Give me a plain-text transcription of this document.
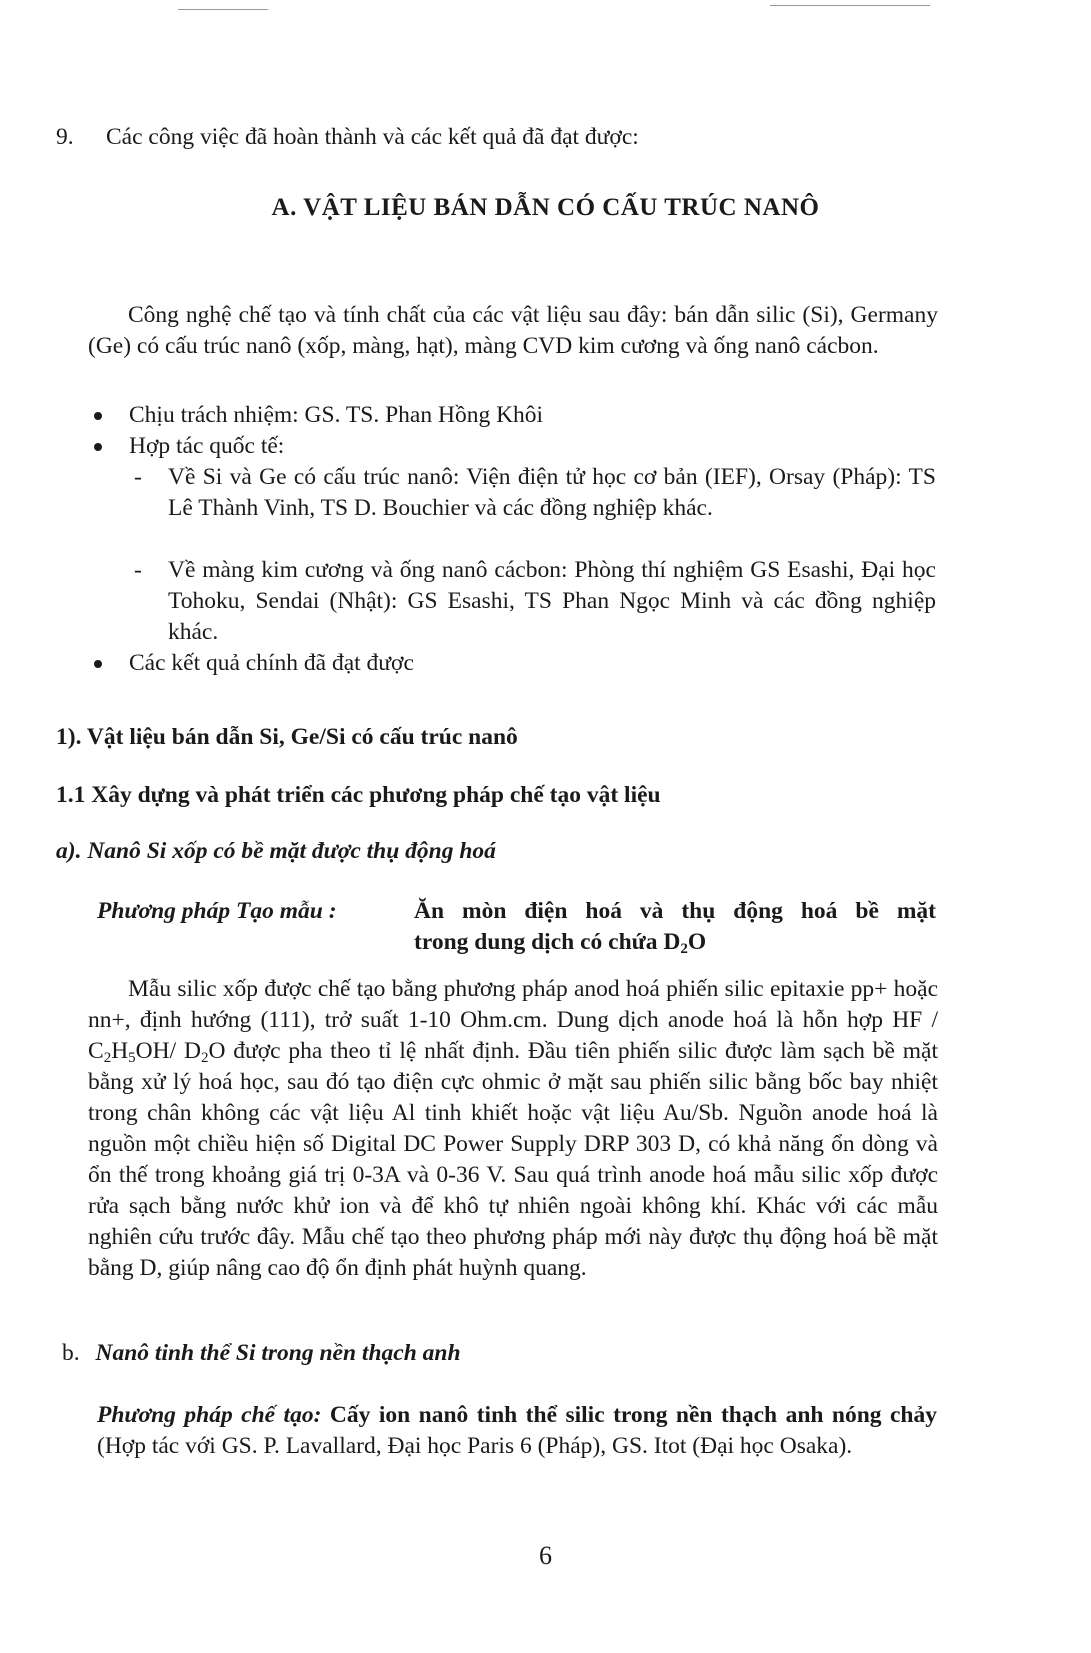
9. Các công việc đã hoàn thành và các kết quả đã đạt được:
A. VẬT LIỆU BÁN DẪN CÓ CẤU TRÚC NANÔ
Công nghệ chế tạo và tính chất của các vật liệu sau đây: bán dẫn silic (Si), Germany (Ge) có cấu trúc nanô (xốp, màng, hạt), màng CVD kim cương và ống nanô cácbon.
Chịu trách nhiệm: GS. TS. Phan Hồng Khôi
Hợp tác quốc tế:
- Về Si và Ge có cấu trúc nanô: Viện điện tử học cơ bản (IEF), Orsay (Pháp): TS Lê Thành Vinh, TS D. Bouchier và các đồng nghiệp khác.
- Về màng kim cương và ống nanô cácbon: Phòng thí nghiệm GS Esashi, Đại học Tohoku, Sendai (Nhật): GS Esashi, TS Phan Ngọc Minh và các đồng nghiệp khác.
Các kết quả chính đã đạt được
1). Vật liệu bán dẫn Si, Ge/Si có cấu trúc nanô
1.1 Xây dựng và phát triển các phương pháp chế tạo vật liệu
a). Nanô Si xốp có bề mặt được thụ động hoá
Phương pháp Tạo mẫu :	Ăn mòn điện hoá và thụ động hoá bề mặt
trong dung dịch có chứa $D_2O$
Mẫu silic xốp được chế tạo bằng phương pháp anod hoá phiến silic epitaxie pp+ hoặc nn+, định hướng (111), trở suất 1-10 Ohm.cm. Dung dịch anode hoá là hỗn hợp HF / $C_2H_5OH/$ $D_2O$ được pha theo tỉ lệ nhất định. Đầu tiên phiến silic được làm sạch bề mặt bằng xử lý hoá học, sau đó tạo điện cực ohmic ở mặt sau phiến silic bằng bốc bay nhiệt trong chân không các vật liệu Al tinh khiết hoặc vật liệu Au/Sb. Nguồn anode hoá là nguồn một chiều hiện số Digital DC Power Supply DRP 303 D, có khả năng ổn dòng và ổn thế trong khoảng giá trị 0-3A và 0-36 V. Sau quá trình anode hoá mẫu silic xốp được rửa sạch bằng nước khử ion và để khô tự nhiên ngoài không khí. Khác với các mẫu nghiên cứu trước đây. Mẫu chế tạo theo phương pháp mới này được thụ động hoá bề mặt bằng D, giúp nâng cao độ ổn định phát huỳnh quang.
b. Nanô tinh thể Si trong nền thạch anh
Phương pháp chế tạo: Cấy ion nanô tinh thể silic trong nền thạch anh nóng chảy (Hợp tác với GS. P. Lavallard, Đại học Paris 6 (Pháp), GS. Itot (Đại học Osaka).
6
